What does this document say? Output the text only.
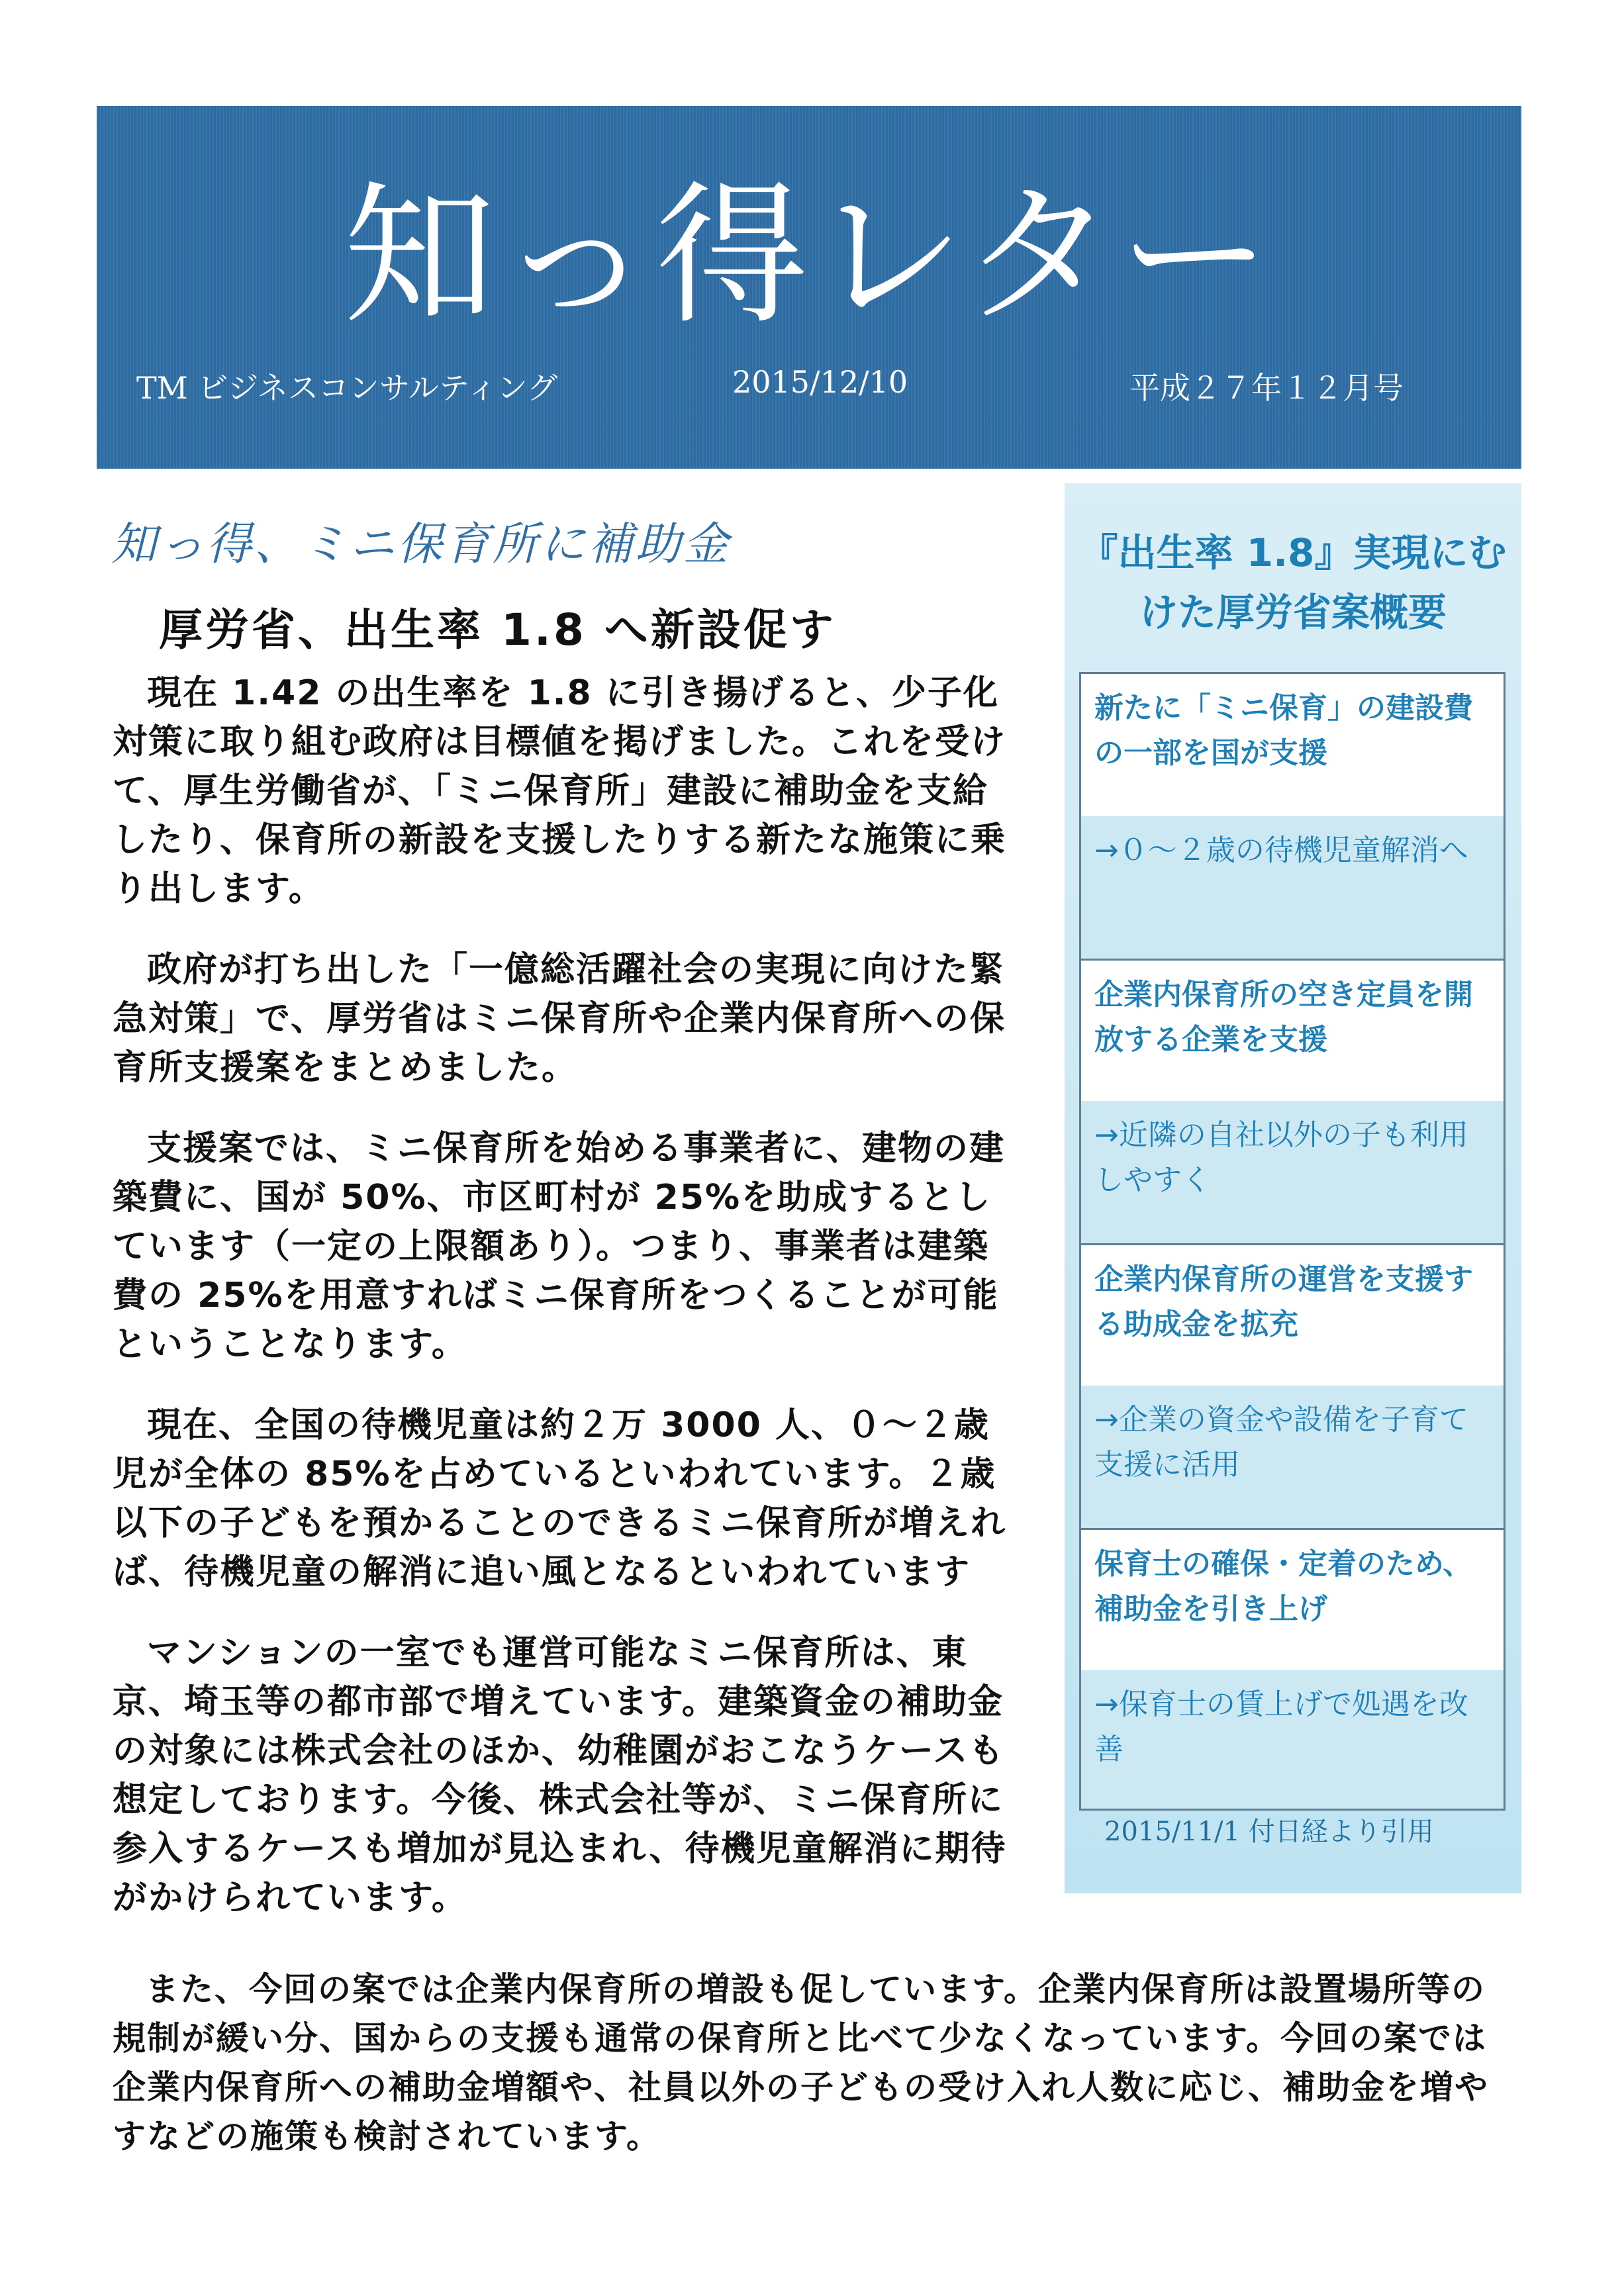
知っ得レター
TM ビジネスコンサルティング	2015/12/10	平成２７年１２月号
知っ得、ミニ保育所に補助金
厚労省、出生率 1.8 へ新設促す

現在 1.42 の出生率を 1.8 に引き揚げると、少子化対策に取り組む政府は目標値を掲げました。これを受けて、厚生労働省が、「ミニ保育所」建設に補助金を支給したり、保育所の新設を支援したりする新たな施策に乗り出します。

政府が打ち出した「一億総活躍社会の実現に向けた緊急対策」で、厚労省はミニ保育所や企業内保育所への保育所支援案をまとめました。

支援案では、ミニ保育所を始める事業者に、建物の建築費に、国が 50%、市区町村が 25%を助成するとしています（一定の上限額あり）。つまり、事業者は建築費の 25%を用意すればミニ保育所をつくることが可能ということなります。

現在、全国の待機児童は約２万 3000 人、０～２歳児が全体の 85%を占めているといわれています。２歳以下の子どもを預かることのできるミニ保育所が増えれば、待機児童の解消に追い風となるといわれています

マンションの一室でも運営可能なミニ保育所は、東京、埼玉等の都市部で増えています。建築資金の補助金の対象には株式会社のほか、幼稚園がおこなうケースも想定しております。今後、株式会社等が、ミニ保育所に参入するケースも増加が見込まれ、待機児童解消に期待がかけられています。

また、今回の案では企業内保育所の増設も促しています。企業内保育所は設置場所等の規制が緩い分、国からの支援も通常の保育所と比べて少なくなっています。今回の案では企業内保育所への補助金増額や、社員以外の子どもの受け入れ人数に応じ、補助金を増やすなどの施策も検討されています。

『出生率 1.8』実現にむけた厚労省案概要
新たに「ミニ保育」の建設費の一部を国が支援
→０～２歳の待機児童解消へ
企業内保育所の空き定員を開放する企業を支援
→近隣の自社以外の子も利用しやすく
企業内保育所の運営を支援する助成金を拡充
→企業の資金や設備を子育て支援に活用
保育士の確保・定着のため、補助金を引き上げ
→保育士の賃上げで処遇を改善
2015/11/1 付日経より引用
